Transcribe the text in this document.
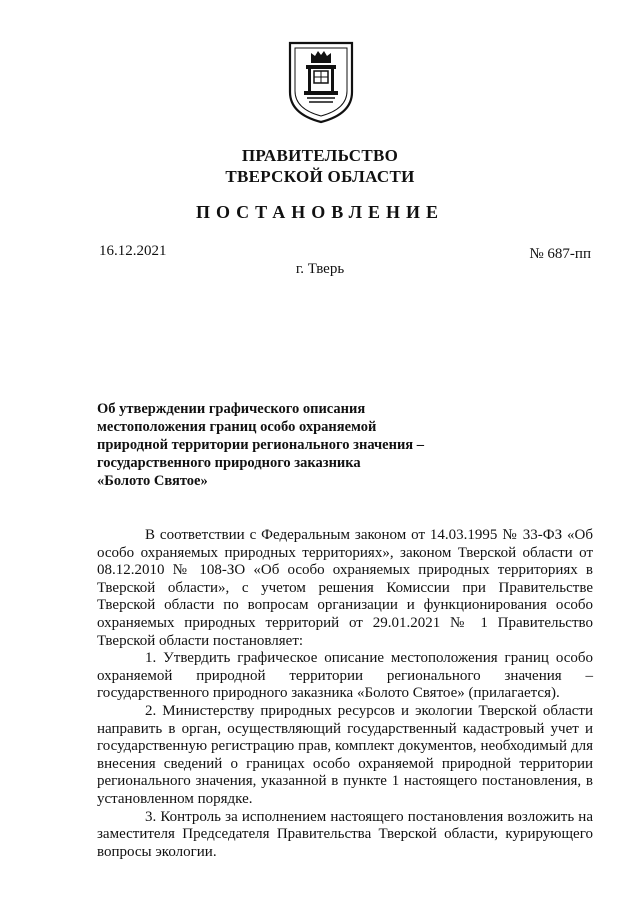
ПРАВИТЕЛЬСТВО
ТВЕРСКОЙ ОБЛАСТИ
ПОСТАНОВЛЕНИЕ
16.12.2021	№ 687-пп
г. Тверь
Об утверждении графического описания
местоположения границ особо охраняемой
природной территории регионального значения –
государственного природного заказника
«Болото Святое»

В соответствии с Федеральным законом от 14.03.1995 № 33-ФЗ «Об особо охраняемых природных территориях», законом Тверской области от 08.12.2010 № 108-ЗО «Об особо охраняемых природных территориях в Тверской области», с учетом решения Комиссии при Правительстве Тверской области по вопросам организации и функционирования особо охраняемых природных территорий от 29.01.2021 № 1 Правительство Тверской области постановляет:

1. Утвердить графическое описание местоположения границ особо охраняемой природной территории регионального значения – государственного природного заказника «Болото Святое» (прилагается).

2. Министерству природных ресурсов и экологии Тверской области направить в орган, осуществляющий государственный кадастровый учет и государственную регистрацию прав, комплект документов, необходимый для внесения сведений о границах особо охраняемой природной территории регионального значения, указанной в пункте 1 настоящего постановления, в установленном порядке.

3. Контроль за исполнением настоящего постановления возложить на заместителя Председателя Правительства Тверской области, курирующего вопросы экологии.
